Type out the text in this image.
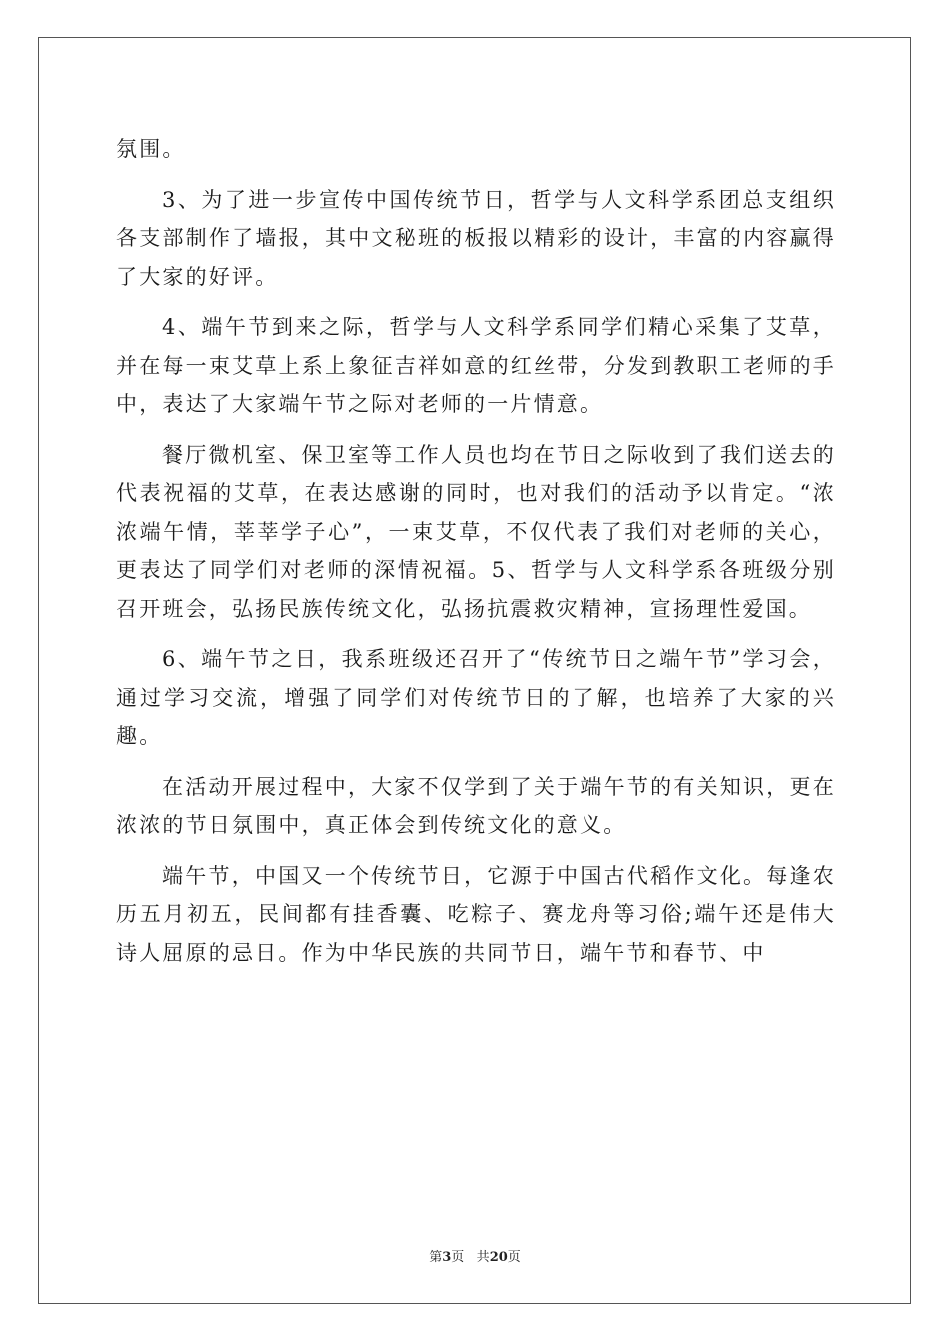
氛围。

3、为了进一步宣传中国传统节日，哲学与人文科学系团总支组织各支部制作了墙报，其中文秘班的板报以精彩的设计，丰富的内容赢得了大家的好评。

4、端午节到来之际，哲学与人文科学系同学们精心采集了艾草，并在每一束艾草上系上象征吉祥如意的红丝带，分发到教职工老师的手中，表达了大家端午节之际对老师的一片情意。

餐厅微机室、保卫室等工作人员也均在节日之际收到了我们送去的代表祝福的艾草，在表达感谢的同时，也对我们的活动予以肯定。“浓浓端午情，莘莘学子心”，一束艾草，不仅代表了我们对老师的关心，更表达了同学们对老师的深情祝福。5、哲学与人文科学系各班级分别召开班会，弘扬民族传统文化，弘扬抗震救灾精神，宣扬理性爱国。

6、端午节之日，我系班级还召开了“传统节日之端午节”学习会，通过学习交流，增强了同学们对传统节日的了解，也培养了大家的兴趣。

在活动开展过程中，大家不仅学到了关于端午节的有关知识，更在浓浓的节日氛围中，真正体会到传统文化的意义。

端午节，中国又一个传统节日，它源于中国古代稻作文化。每逢农历五月初五，民间都有挂香囊、吃粽子、赛龙舟等习俗;端午还是伟大诗人屈原的忌日。作为中华民族的共同节日，端午节和春节、中

第3页 共20页
